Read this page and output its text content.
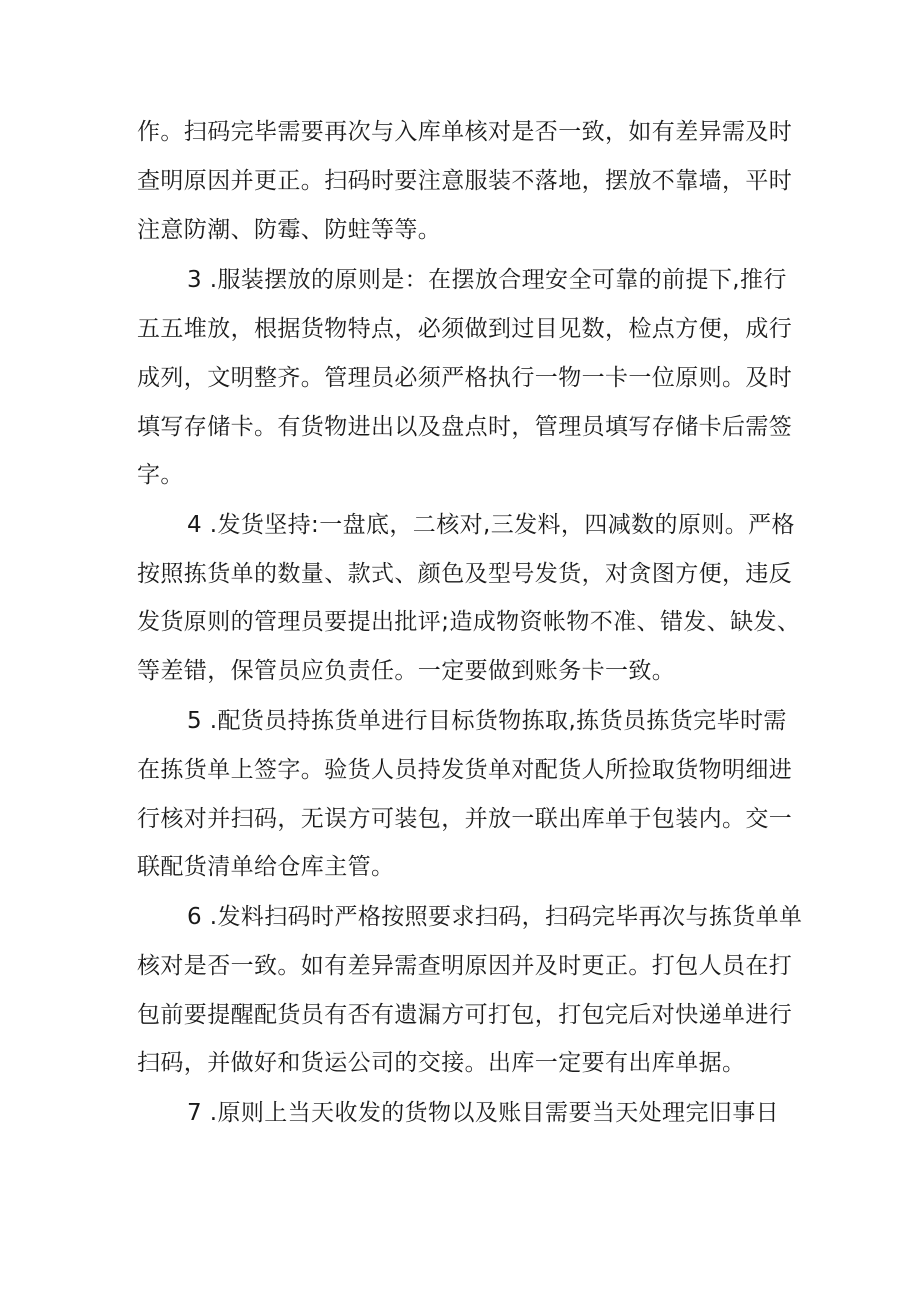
作。扫码完毕需要再次与入库单核对是否一致，如有差异需及时

查明原因并更正。扫码时要注意服装不落地，摆放不靠墙，平时

注意防潮、防霉、防蛀等等。

3 .服装摆放的原则是：在摆放合理安全可靠的前提下,推行

五五堆放，根据货物特点，必须做到过目见数，检点方便，成行

成列，文明整齐。管理员必须严格执行一物一卡一位原则。及时

填写存储卡。有货物进出以及盘点时，管理员填写存储卡后需签

字。

4 .发货坚持:一盘底，二核对,三发料，四减数的原则。严格

按照拣货单的数量、款式、颜色及型号发货，对贪图方便，违反

发货原则的管理员要提出批评;造成物资帐物不准、错发、缺发、

等差错，保管员应负责任。一定要做到账务卡一致。

5 .配货员持拣货单进行目标货物拣取,拣货员拣货完毕时需

在拣货单上签字。验货人员持发货单对配货人所捡取货物明细进

行核对并扫码，无误方可装包，并放一联出库单于包装内。交一

联配货清单给仓库主管。

6 .发料扫码时严格按照要求扫码，扫码完毕再次与拣货单单

核对是否一致。如有差异需查明原因并及时更正。打包人员在打

包前要提醒配货员有否有遗漏方可打包，打包完后对快递单进行

扫码，并做好和货运公司的交接。出库一定要有出库单据。

7 .原则上当天收发的货物以及账目需要当天处理完旧事日
